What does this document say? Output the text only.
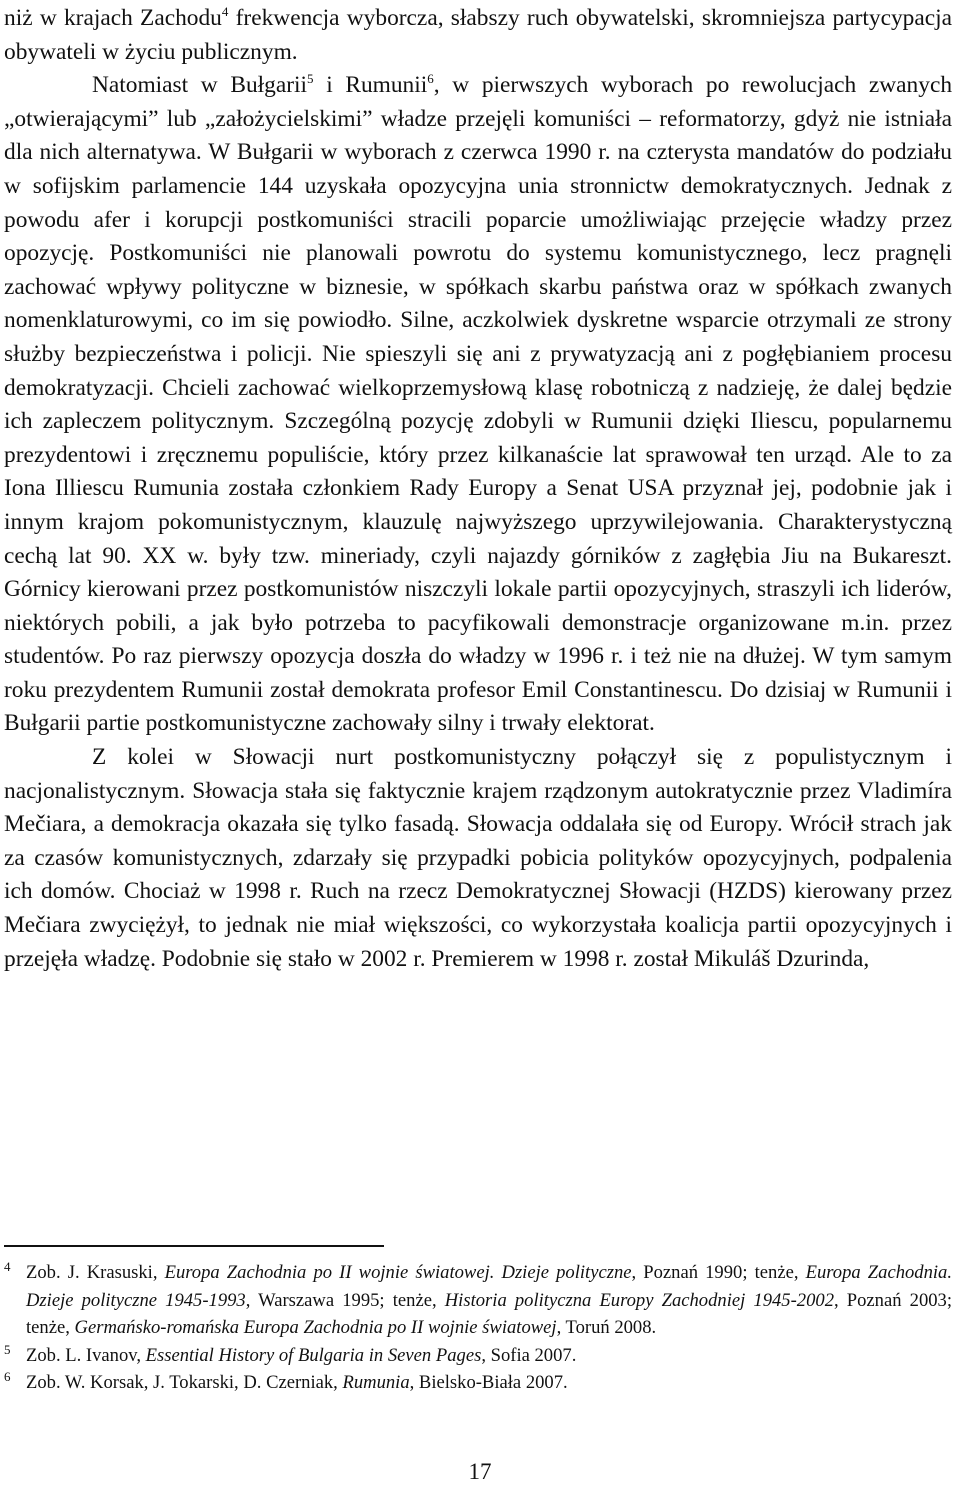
niż w krajach Zachodu$^4$ frekwencja wyborcza, słabszy ruch obywatelski, skromniejsza partycypacja obywateli w życiu publicznym.

Natomiast w Bułgarii$^5$ i Rumunii$^6$, w pierwszych wyborach po rewolucjach zwanych „otwierającymi” lub „założycielskimi” władze przejęli komuniści – reformatorzy, gdyż nie istniała dla nich alternatywa. W Bułgarii w wyborach z czerwca 1990 r. na czterysta mandatów do podziału w sofijskim parlamencie 144 uzyskała opozycyjna unia stronnictw demokratycznych. Jednak z powodu afer i korupcji postkomuniści stracili poparcie umożliwiając przejęcie władzy przez opozycję. Postkomuniści nie planowali powrotu do systemu komunistycznego, lecz pragnęli zachować wpływy polityczne w biznesie, w spółkach skarbu państwa oraz w spółkach zwanych nomenklaturowymi, co im się powiodło. Silne, aczkolwiek dyskretne wsparcie otrzymali ze strony służby bezpieczeństwa i policji. Nie spieszyli się ani z prywatyzacją ani z pogłębianiem procesu demokratyzacji. Chcieli zachować wielkoprzemysłową klasę robotniczą z nadzieję, że dalej będzie ich zapleczem politycznym. Szczególną pozycję zdobyli w Rumunii dzięki Iliescu, popularnemu prezydentowi i zręcznemu populiście, który przez kilkanaście lat sprawował ten urząd. Ale to za Iona Illiescu Rumunia została członkiem Rady Europy a Senat USA przyznał jej, podobnie jak i innym krajom pokomunistycznym, klauzulę najwyższego uprzywilejowania. Charakterystyczną cechą lat 90. XX w. były tzw. mineriady, czyli najazdy górników z zagłębia Jiu na Bukareszt. Górnicy kierowani przez postkomunistów niszczyli lokale partii opozycyjnych, straszyli ich liderów, niektórych pobili, a jak było potrzeba to pacyfikowali demonstracje organizowane m.in. przez studentów. Po raz pierwszy opozycja doszła do władzy w 1996 r. i też nie na dłużej. W tym samym roku prezydentem Rumunii został demokrata profesor Emil Constantinescu. Do dzisiaj w Rumunii i Bułgarii partie postkomunistyczne zachowały silny i trwały elektorat.

Z kolei w Słowacji nurt postkomunistyczny połączył się z populistycznym i nacjonalistycznym. Słowacja stała się faktycznie krajem rządzonym autokratycznie przez Vladimíra Mečiara, a demokracja okazała się tylko fasadą. Słowacja oddalała się od Europy. Wrócił strach jak za czasów komunistycznych, zdarzały się przypadki pobicia polityków opozycyjnych, podpalenia ich domów. Chociaż w 1998 r. Ruch na rzecz Demokratycznej Słowacji (HZDS) kierowany przez Mečiara zwyciężył, to jednak nie miał większości, co wykorzystała koalicja partii opozycyjnych i przejęła władzę. Podobnie się stało w 2002 r. Premierem w 1998 r. został Mikuláš Dzurinda,

4 Zob. J. Krasuski, Europa Zachodnia po II wojnie światowej. Dzieje polityczne, Poznań 1990; tenże, Europa Zachodnia. Dzieje polityczne 1945-1993, Warszawa 1995; tenże, Historia polityczna Europy Zachodniej 1945-2002, Poznań 2003; tenże, Germańsko-romańska Europa Zachodnia po II wojnie światowej, Toruń 2008.
5 Zob. L. Ivanov, Essential History of Bulgaria in Seven Pages, Sofia 2007.
6 Zob. W. Korsak, J. Tokarski, D. Czerniak, Rumunia, Bielsko-Biała 2007.
17
